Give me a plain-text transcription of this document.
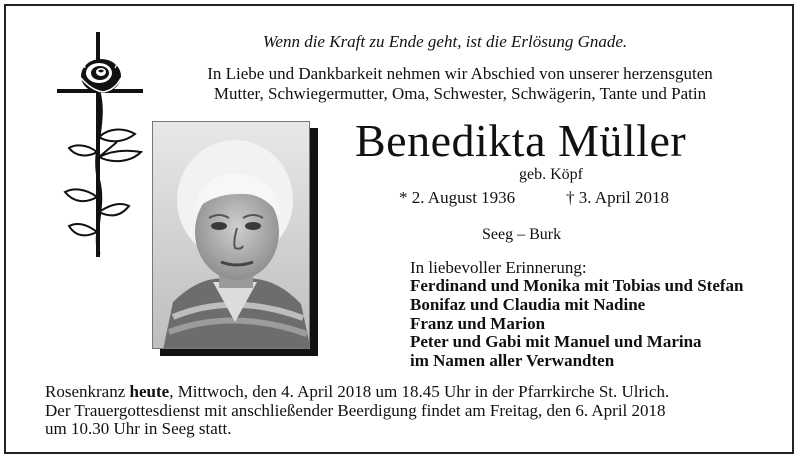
Wenn die Kraft zu Ende geht, ist die Erlösung Gnade.
In Liebe und Dankbarkeit nehmen wir Abschied von unserer herzensguten
Mutter, Schwiegermutter, Oma, Schwester, Schwägerin, Tante und Patin
Benedikta Müller
geb. Köpf
* 2. August 1936	† 3. April 2018
Seeg – Burk
In liebevoller Erinnerung:
Ferdinand und Monika mit Tobias und Stefan
Bonifaz und Claudia mit Nadine
Franz und Marion
Peter und Gabi mit Manuel und Marina
im Namen aller Verwandten
Rosenkranz heute, Mittwoch, den 4. April 2018 um 18.45 Uhr in der Pfarrkirche St. Ulrich.
Der Trauergottesdienst mit anschließender Beerdigung findet am Freitag, den 6. April 2018
um 10.30 Uhr in Seeg statt.
